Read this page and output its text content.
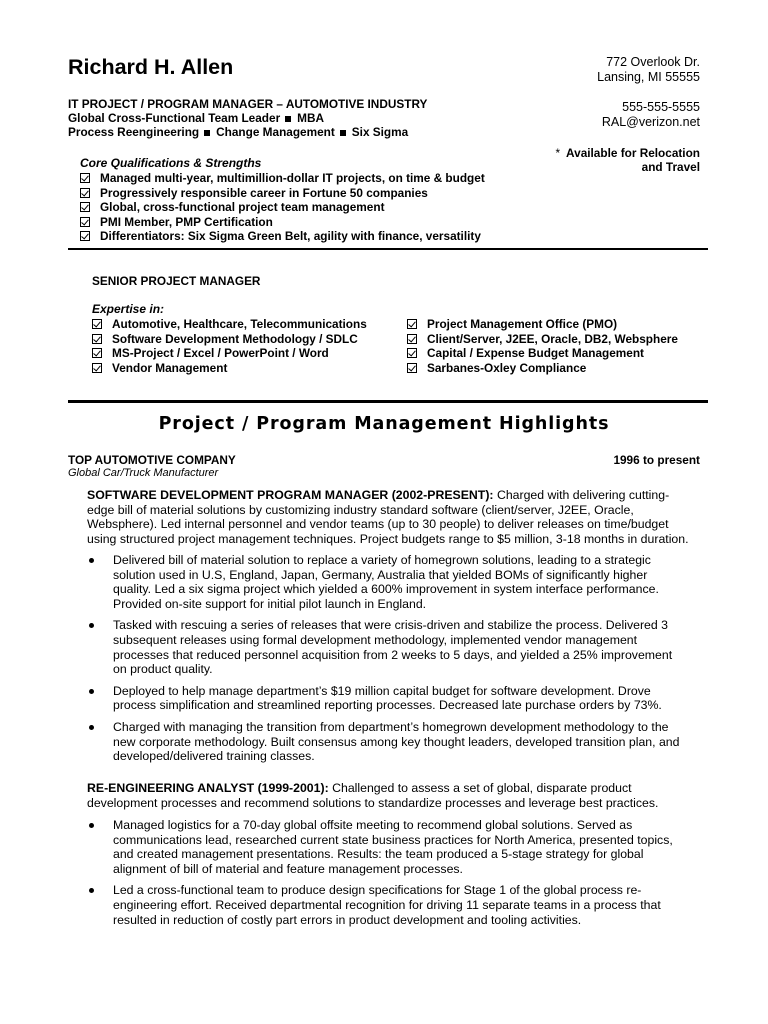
Richard H. Allen	772 Overlook Dr.
Lansing, MI 55555
555-555-5555
RAL@verizon.net
IT PROJECT / PROGRAM MANAGER – AUTOMOTIVE INDUSTRY
Global Cross-Functional Team Leader MBA
Process Reengineering Change Management Six Sigma
* Available for Relocation
and Travel
Core Qualifications & Strengths
Managed multi-year, multimillion-dollar IT projects, on time & budget
Progressively responsible career in Fortune 50 companies
Global, cross-functional project team management
PMI Member, PMP Certification
Differentiators: Six Sigma Green Belt, agility with finance, versatility
SENIOR PROJECT MANAGER
Expertise in:
Automotive, Healthcare, Telecommunications
Software Development Methodology / SDLC
MS-Project / Excel / PowerPoint / Word
Vendor Management
Project Management Office (PMO)
Client/Server, J2EE, Oracle, DB2, Websphere
Capital / Expense Budget Management
Sarbanes-Oxley Compliance
Project / Program Management Highlights
TOP AUTOMOTIVE COMPANY	1996 to present
Global Car/Truck Manufacturer
SOFTWARE DEVELOPMENT PROGRAM MANAGER (2002-PRESENT): Charged with delivering cutting-
edge bill of material solutions by customizing industry standard software (client/server, J2EE, Oracle,
Websphere). Led internal personnel and vendor teams (up to 30 people) to deliver releases on time/budget
using structured project management techniques. Project budgets range to $5 million, 3-18 months in duration.
Delivered bill of material solution to replace a variety of homegrown solutions, leading to a strategic
solution used in U.S, England, Japan, Germany, Australia that yielded BOMs of significantly higher
quality. Led a six sigma project which yielded a 600% improvement in system interface performance.
Provided on-site support for initial pilot launch in England.
Tasked with rescuing a series of releases that were crisis-driven and stabilize the process. Delivered 3
subsequent releases using formal development methodology, implemented vendor management
processes that reduced personnel acquisition from 2 weeks to 5 days, and yielded a 25% improvement
on product quality.
Deployed to help manage department’s $19 million capital budget for software development. Drove
process simplification and streamlined reporting processes. Decreased late purchase orders by 73%.
Charged with managing the transition from department’s homegrown development methodology to the
new corporate methodology. Built consensus among key thought leaders, developed transition plan, and
developed/delivered training classes.
RE-ENGINEERING ANALYST (1999-2001): Challenged to assess a set of global, disparate product
development processes and recommend solutions to standardize processes and leverage best practices.
Managed logistics for a 70-day global offsite meeting to recommend global solutions. Served as
communications lead, researched current state business practices for North America, presented topics,
and created management presentations. Results: the team produced a 5-stage strategy for global
alignment of bill of material and feature management processes.
Led a cross-functional team to produce design specifications for Stage 1 of the global process re-
engineering effort. Received departmental recognition for driving 11 separate teams in a process that
resulted in reduction of costly part errors in product development and tooling activities.
